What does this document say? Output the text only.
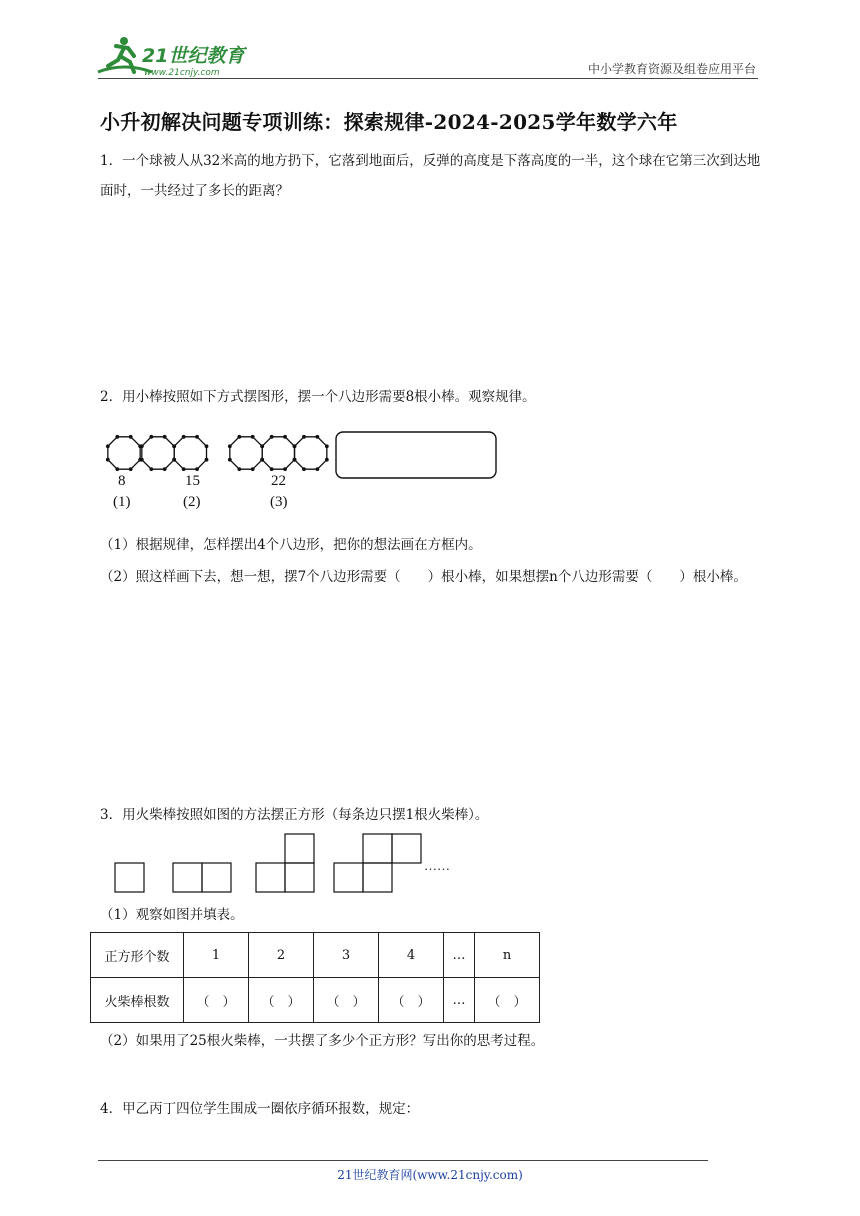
21世纪教育
www.21cnjy.com	中小学教育资源及组卷应用平台
小升初解决问题专项训练：探索规律-2024-2025学年数学六年
1．一个球被人从32米高的地方扔下，它落到地面后，反弹的高度是下落高度的一半，这个球在它第三次到达地面时，一共经过了多长的距离？
2．用小棒按照如下方式摆图形，摆一个八边形需要8根小棒。观察规律。
8	15	22
(1)	(2)	(3)
（1）根据规律，怎样摆出4个八边形，把你的想法画在方框内。
（2）照这样画下去，想一想，摆7个八边形需要（　　）根小棒，如果想摆n个八边形需要（　　）根小棒。
3．用火柴棒按照如图的方法摆正方形（每条边只摆1根火柴棒）。
……
（1）观察如图并填表。
正方形个数	1	2	3	4	…	n
火柴棒根数	（　）	（　）	（　）	（　）	…	（　）
（2）如果用了25根火柴棒，一共摆了多少个正方形？写出你的思考过程。
4．甲乙丙丁四位学生围成一圈依序循环报数，规定：
21世纪教育网(www.21cnjy.com)
